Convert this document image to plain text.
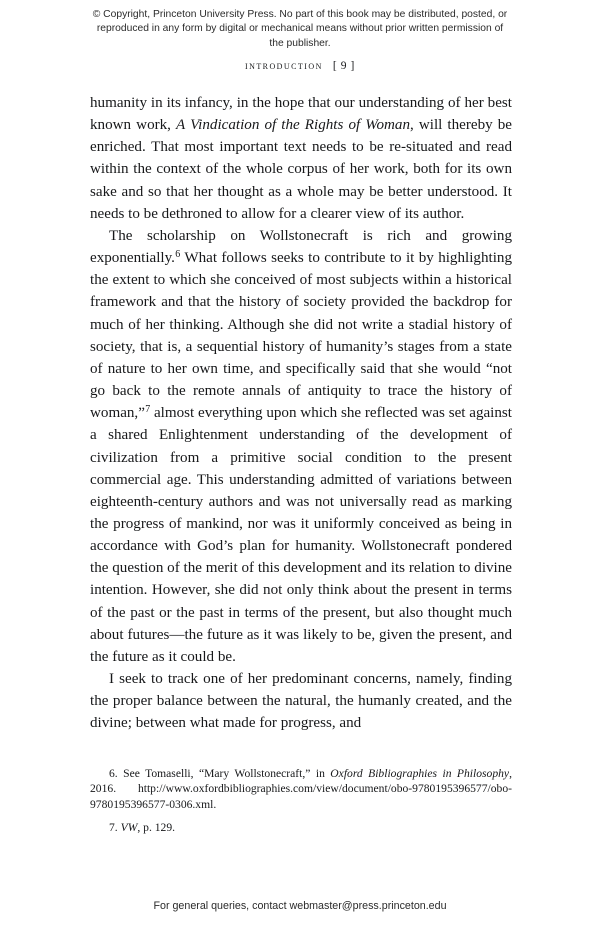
© Copyright, Princeton University Press. No part of this book may be distributed, posted, or reproduced in any form by digital or mechanical means without prior written permission of the publisher.
introduction [ 9 ]

humanity in its infancy, in the hope that our understanding of her best known work, A Vindication of the Rights of Woman, will thereby be enriched. That most important text needs to be re-situated and read within the context of the whole corpus of her work, both for its own sake and so that her thought as a whole may be better understood. It needs to be dethroned to allow for a clearer view of its author.

The scholarship on Wollstonecraft is rich and growing exponentially.$^6$ What follows seeks to contribute to it by highlighting the extent to which she conceived of most subjects within a historical framework and that the history of society provided the backdrop for much of her thinking. Although she did not write a stadial history of society, that is, a sequential history of humanity’s stages from a state of nature to her own time, and specifically said that she would “not go back to the remote annals of antiquity to trace the history of woman,”$^7$ almost everything upon which she reflected was set against a shared Enlightenment understanding of the development of civilization from a primitive social condition to the present commercial age. This understanding admitted of variations between eighteenth-century authors and was not universally read as marking the progress of mankind, nor was it uniformly conceived as being in accordance with God’s plan for humanity. Wollstonecraft pondered the question of the merit of this development and its relation to divine intention. However, she did not only think about the present in terms of the past or the past in terms of the present, but also thought much about futures—the future as it was likely to be, given the present, and the future as it could be.

I seek to track one of her predominant concerns, namely, finding the proper balance between the natural, the humanly created, and the divine; between what made for progress, and

6. See Tomaselli, “Mary Wollstonecraft,” in Oxford Bibliographies in Philosophy, 2016. http://www.oxfordbibliographies.com/view/document/obo-9780195396577/obo-9780195396577-0306.xml.

7. VW, p. 129.

For general queries, contact webmaster@press.princeton.edu
